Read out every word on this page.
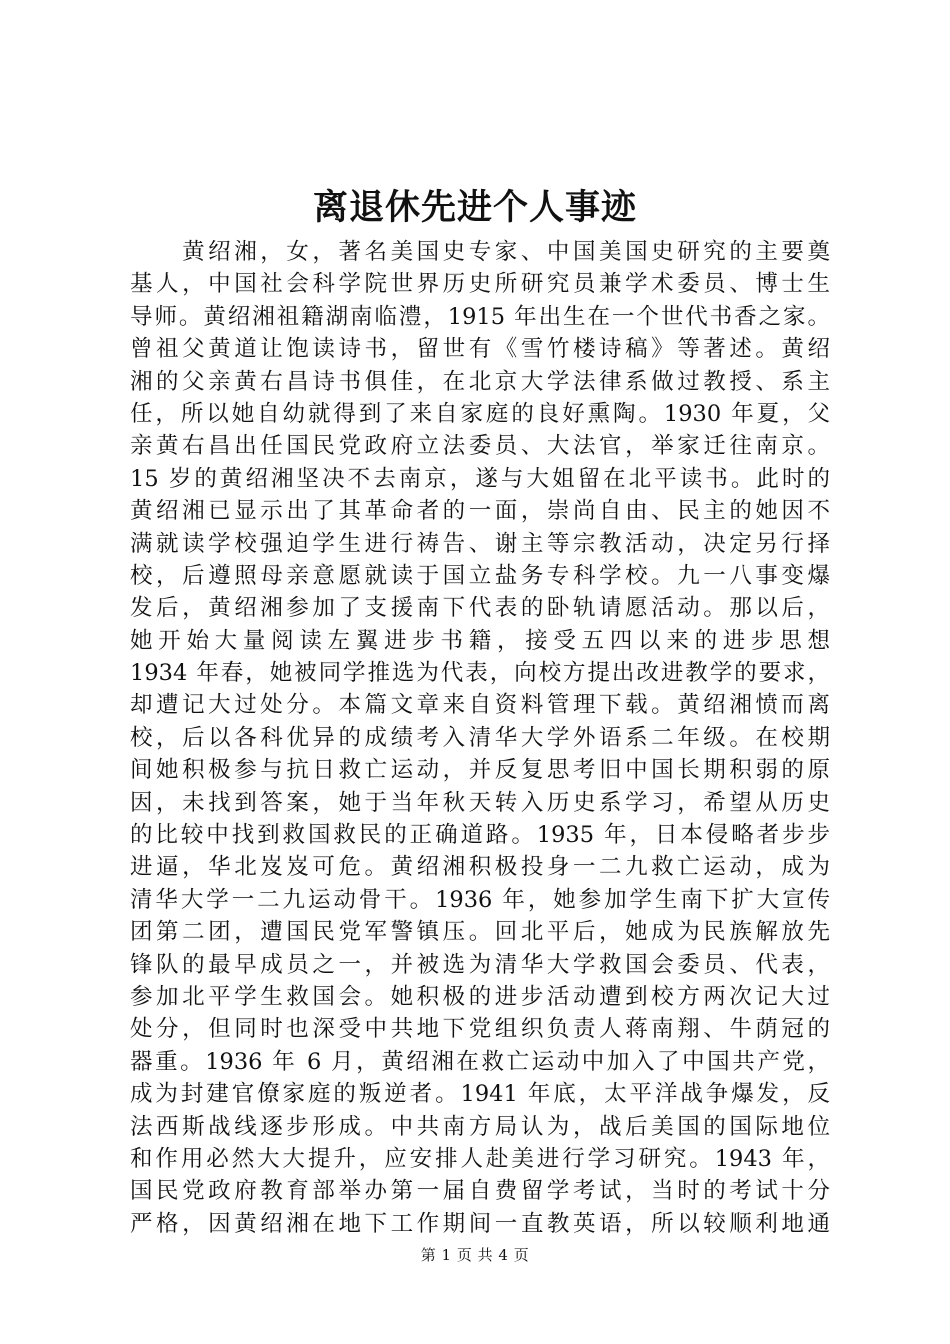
离退休先进个人事迹
　　黄绍湘，女，著名美国史专家、中国美国史研究的主要奠
基人，中国社会科学院世界历史所研究员兼学术委员、博士生
导师。黄绍湘祖籍湖南临澧，1915 年出生在一个世代书香之家。
曾祖父黄道让饱读诗书，留世有《雪竹楼诗稿》等著述。黄绍
湘的父亲黄右昌诗书俱佳，在北京大学法律系做过教授、系主
任，所以她自幼就得到了来自家庭的良好熏陶。1930 年夏，父
亲黄右昌出任国民党政府立法委员、大法官，举家迁往南京。
15 岁的黄绍湘坚决不去南京，遂与大姐留在北平读书。此时的
黄绍湘已显示出了其革命者的一面，崇尚自由、民主的她因不
满就读学校强迫学生进行祷告、谢主等宗教活动，决定另行择
校，后遵照母亲意愿就读于国立盐务专科学校。九一八事变爆
发后，黄绍湘参加了支援南下代表的卧轨请愿活动。那以后，
她开始大量阅读左翼进步书籍，接受五四以来的进步思想
1934 年春，她被同学推选为代表，向校方提出改进教学的要求，
却遭记大过处分。本篇文章来自资料管理下载。黄绍湘愤而离
校，后以各科优异的成绩考入清华大学外语系二年级。在校期
间她积极参与抗日救亡运动，并反复思考旧中国长期积弱的原
因，未找到答案，她于当年秋天转入历史系学习，希望从历史
的比较中找到救国救民的正确道路。1935 年，日本侵略者步步
进逼，华北岌岌可危。黄绍湘积极投身一二九救亡运动，成为
清华大学一二九运动骨干。1936 年，她参加学生南下扩大宣传
团第二团，遭国民党军警镇压。回北平后，她成为民族解放先
锋队的最早成员之一，并被选为清华大学救国会委员、代表，
参加北平学生救国会。她积极的进步活动遭到校方两次记大过
处分，但同时也深受中共地下党组织负责人蒋南翔、牛荫冠的
器重。1936 年 6 月，黄绍湘在救亡运动中加入了中国共产党，
成为封建官僚家庭的叛逆者。1941 年底，太平洋战争爆发，反
法西斯战线逐步形成。中共南方局认为，战后美国的国际地位
和作用必然大大提升，应安排人赴美进行学习研究。1943 年，
国民党政府教育部举办第一届自费留学考试，当时的考试十分
严格，因黄绍湘在地下工作期间一直教英语，所以较顺利地通
第 1 页 共 4 页
